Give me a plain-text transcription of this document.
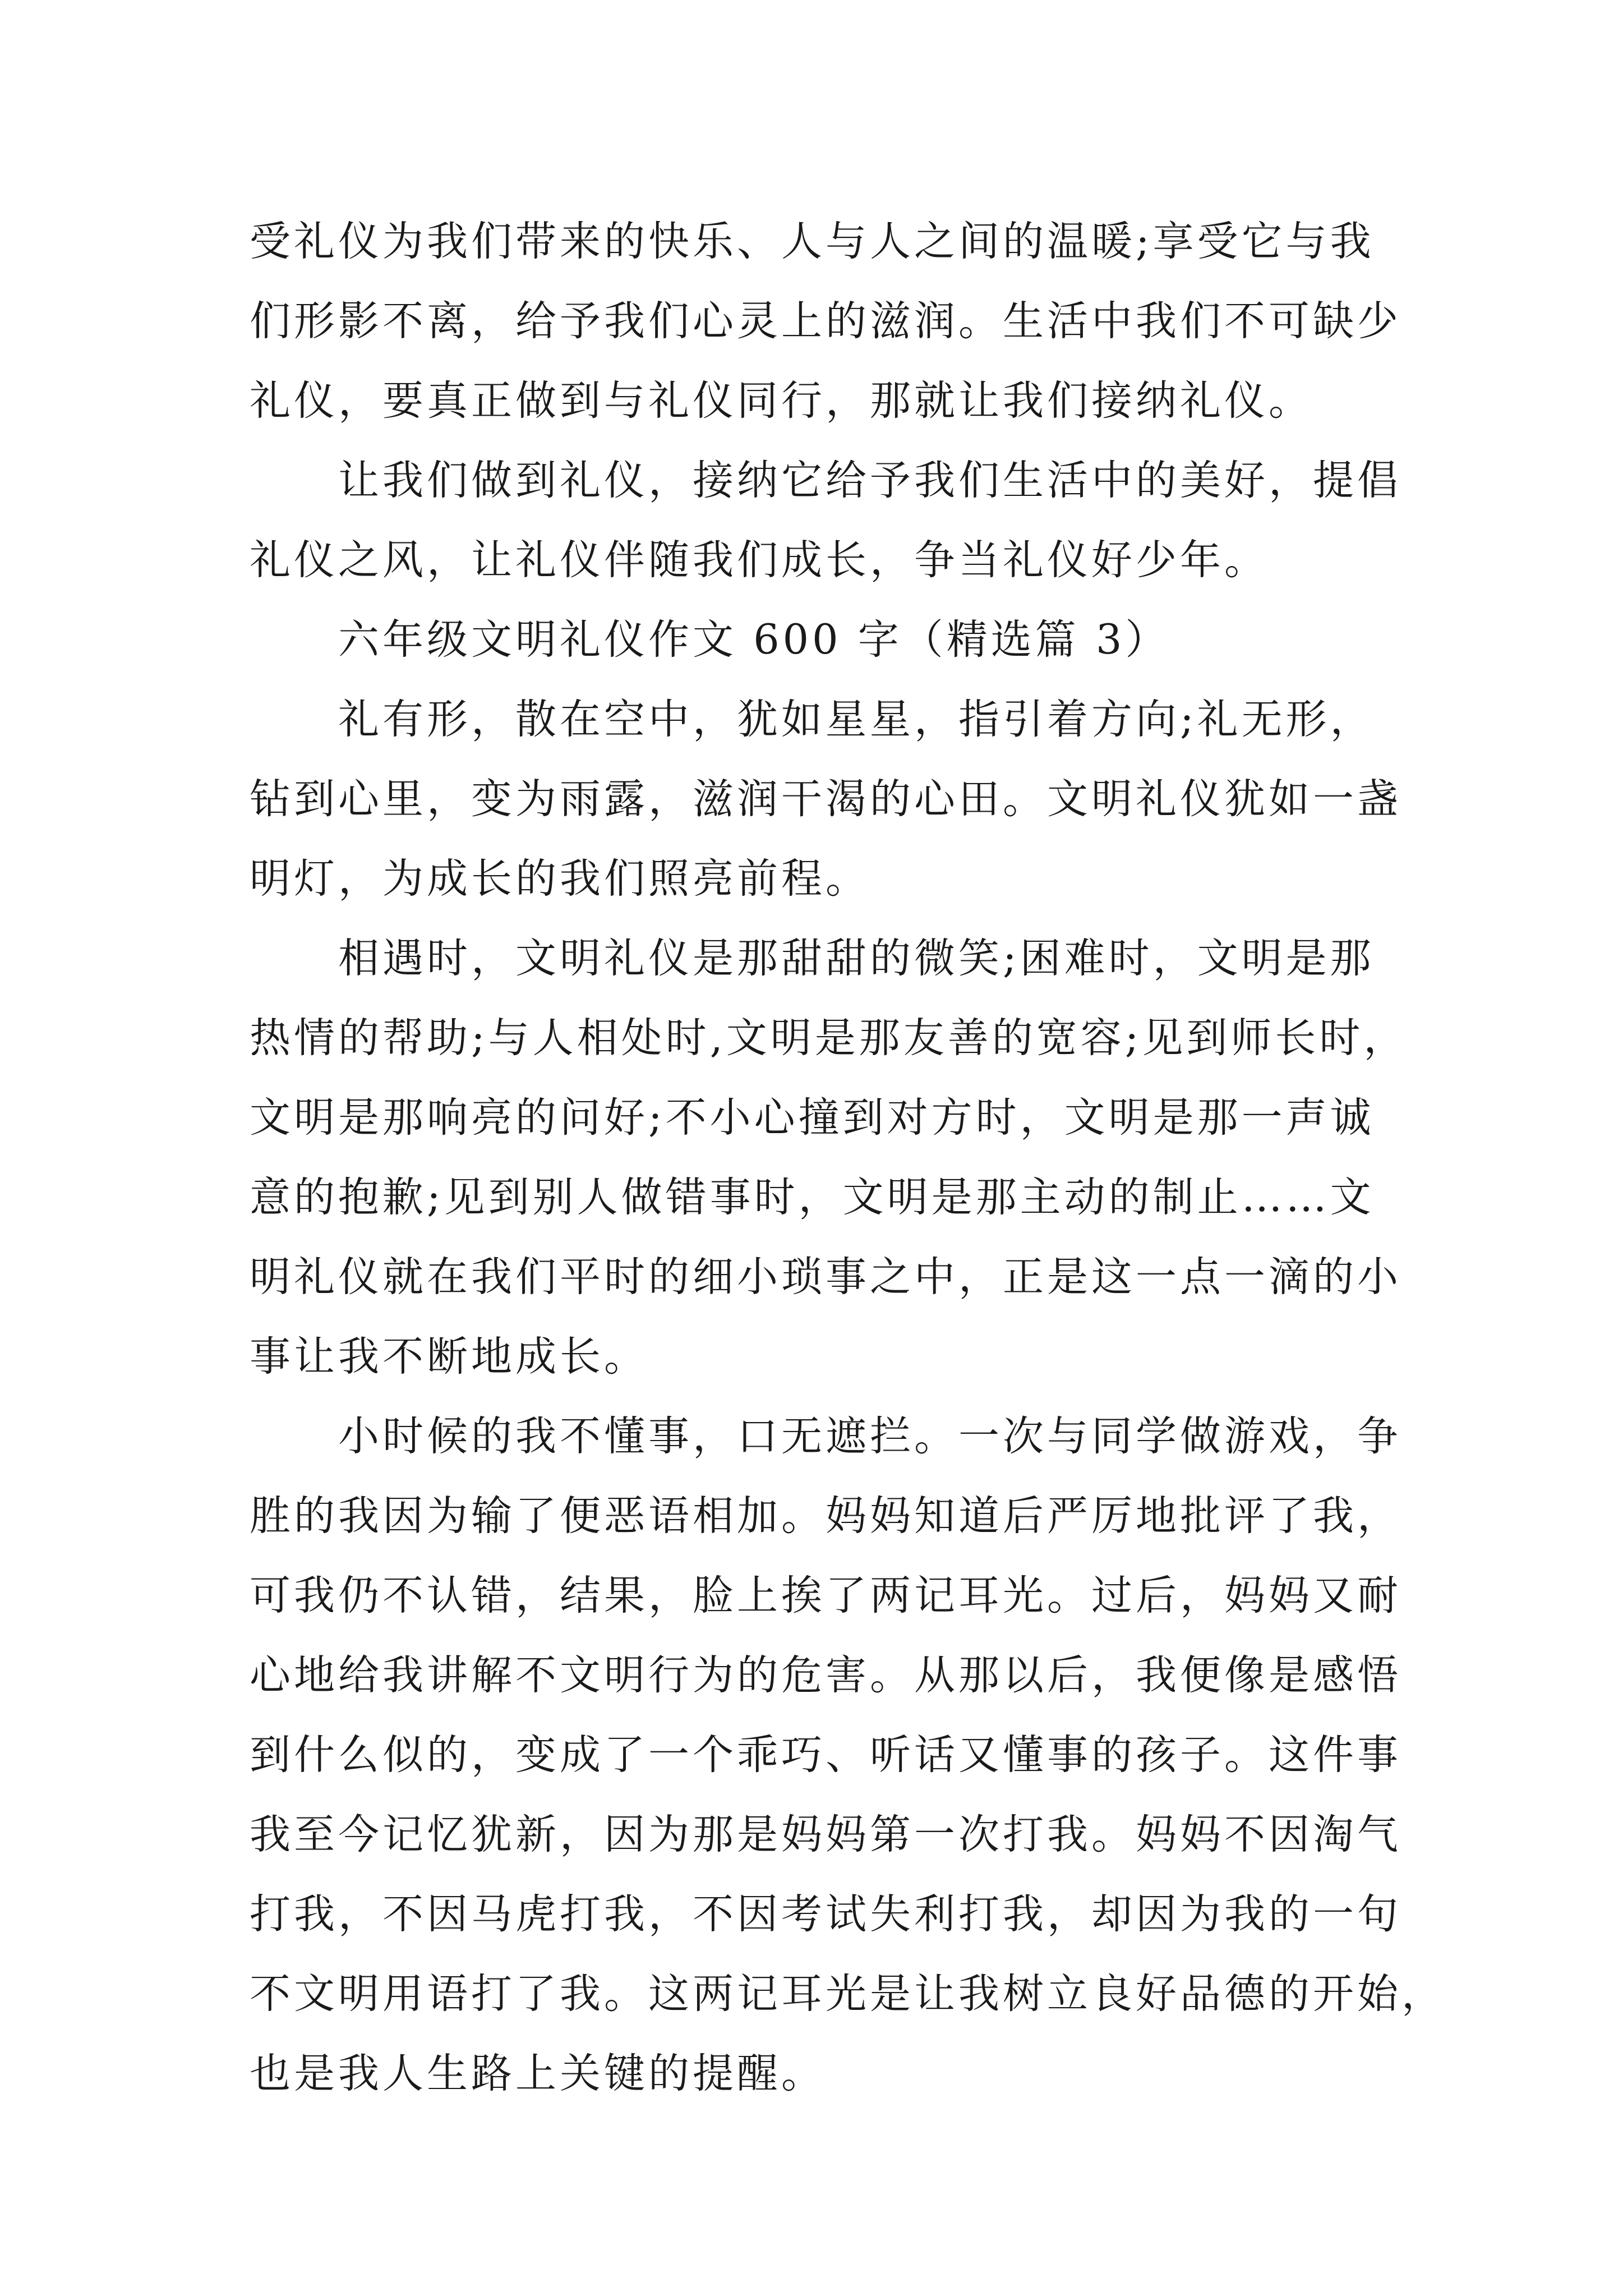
受礼仪为我们带来的快乐、人与人之间的温暖;享受它与我
们形影不离，给予我们心灵上的滋润。生活中我们不可缺少
礼仪，要真正做到与礼仪同行，那就让我们接纳礼仪。
让我们做到礼仪，接纳它给予我们生活中的美好，提倡
礼仪之风，让礼仪伴随我们成长，争当礼仪好少年。
六年级文明礼仪作文 600 字（精选篇 3）
礼有形，散在空中，犹如星星，指引着方向;礼无形，
钻到心里，变为雨露，滋润干渴的心田。文明礼仪犹如一盏
明灯，为成长的我们照亮前程。
相遇时，文明礼仪是那甜甜的微笑;困难时，文明是那
热情的帮助;与人相处时,文明是那友善的宽容;见到师长时，
文明是那响亮的问好;不小心撞到对方时，文明是那一声诚
意的抱歉;见到别人做错事时，文明是那主动的制止……文
明礼仪就在我们平时的细小琐事之中，正是这一点一滴的小
事让我不断地成长。
小时候的我不懂事，口无遮拦。一次与同学做游戏，争
胜的我因为输了便恶语相加。妈妈知道后严厉地批评了我，
可我仍不认错，结果，脸上挨了两记耳光。过后，妈妈又耐
心地给我讲解不文明行为的危害。从那以后，我便像是感悟
到什么似的，变成了一个乖巧、听话又懂事的孩子。这件事
我至今记忆犹新，因为那是妈妈第一次打我。妈妈不因淘气
打我，不因马虎打我，不因考试失利打我，却因为我的一句
不文明用语打了我。这两记耳光是让我树立良好品德的开始，
也是我人生路上关键的提醒。
